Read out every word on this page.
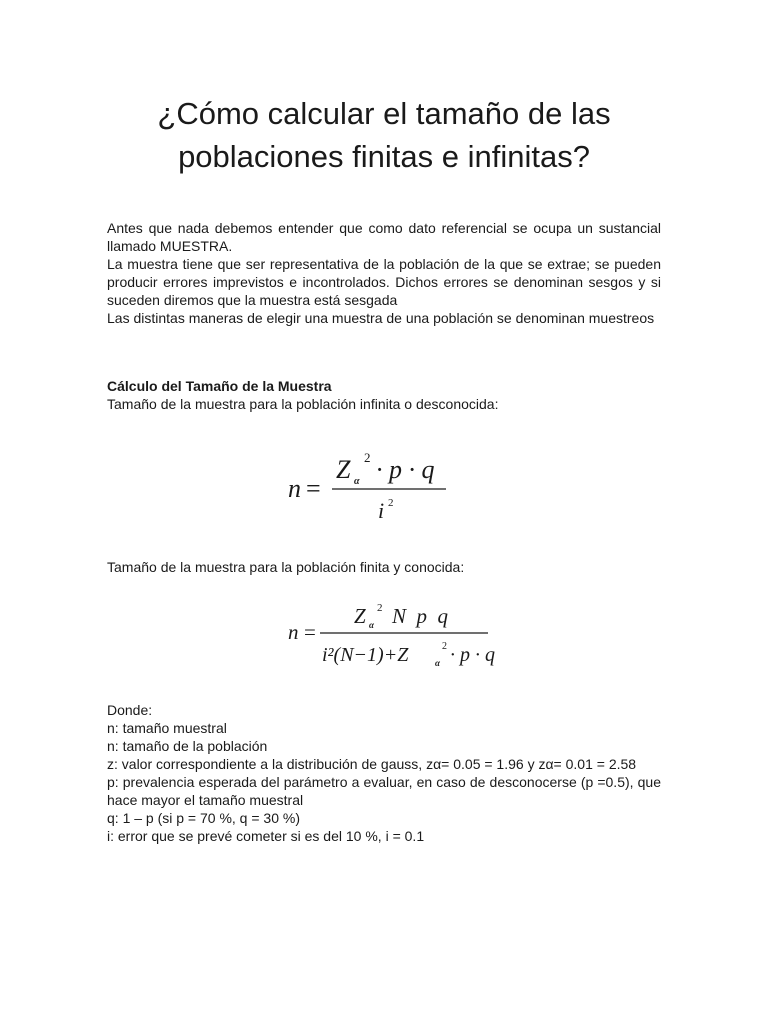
¿Cómo calcular el tamaño de las
poblaciones finitas e infinitas?

Antes que nada debemos entender que como dato referencial se ocupa un sustancial llamado MUESTRA.

La muestra tiene que ser representativa de la población de la que se extrae; se pueden producir errores imprevistos e incontrolados. Dichos errores se denominan sesgos y si suceden diremos que la muestra está sesgada

Las distintas maneras de elegir una muestra de una población se denominan muestreos

Cálculo del Tamaño de la Muestra
Tamaño de la muestra para la población infinita o desconocida:
n =
Z α
2 · p · q
i 2
Tamaño de la muestra para la población finita y conocida:
n =
Z α
2 N  p  q
i²(N−1)+Z	α
2 · p · q

Donde:

n: tamaño muestral

n: tamaño de la población

z: valor correspondiente a la distribución de gauss, zα= 0.05 = 1.96 y zα= 0.01 = 2.58

p: prevalencia esperada del parámetro a evaluar, en caso de desconocerse (p =0.5), que hace mayor el tamaño muestral

q: 1 – p (si p = 70 %, q = 30 %)

i: error que se prevé cometer si es del 10 %, i = 0.1
